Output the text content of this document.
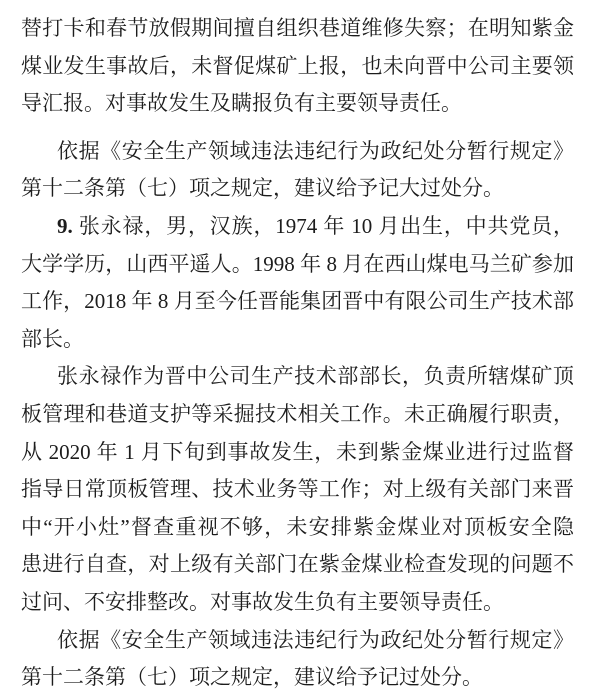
替打卡和春节放假期间擅自组织巷道维修失察；在明知紫金
煤业发生事故后，未督促煤矿上报，也未向晋中公司主要领
导汇报。对事故发生及瞒报负有主要领导责任。
依据《安全生产领域违法违纪行为政纪处分暂行规定》
第十二条第（七）项之规定，建议给予记大过处分。
9. 张永禄，男，汉族，1974 年 10 月出生，中共党员，
大学学历，山西平遥人。1998 年 8 月在西山煤电马兰矿参加
工作，2018 年 8 月至今任晋能集团晋中有限公司生产技术部
部长。
张永禄作为晋中公司生产技术部部长，负责所辖煤矿顶
板管理和巷道支护等采掘技术相关工作。未正确履行职责，
从 2020 年 1 月下旬到事故发生，未到紫金煤业进行过监督
指导日常顶板管理、技术业务等工作；对上级有关部门来晋
中“开小灶”督查重视不够，未安排紫金煤业对顶板安全隐
患进行自查，对上级有关部门在紫金煤业检查发现的问题不
过问、不安排整改。对事故发生负有主要领导责任。
依据《安全生产领域违法违纪行为政纪处分暂行规定》
第十二条第（七）项之规定，建议给予记过处分。
